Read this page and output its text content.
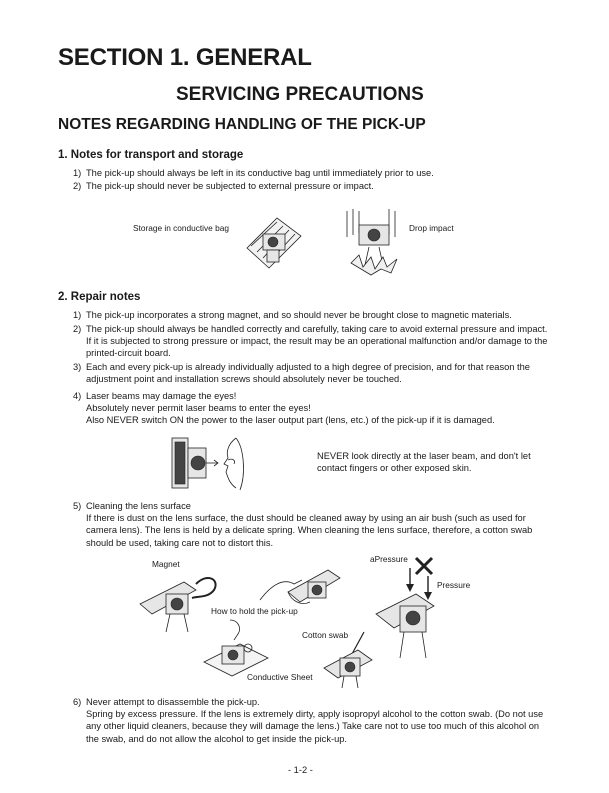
SECTION 1. GENERAL
SERVICING PRECAUTIONS
NOTES REGARDING HANDLING OF THE PICK-UP
1. Notes for transport and storage
1) The pick-up should always be left in its conductive bag until immediately prior to use.
2) The pick-up should never be subjected to external pressure or impact.
Storage in conductive bag	Drop impact
2. Repair notes
1) The pick-up incorporates a strong magnet, and so should never be brought close to magnetic materials.
2) The pick-up should always be handled correctly and carefully, taking care to avoid external pressure and impact. If it is subjected to strong pressure or impact, the result may be an operational malfunction and/or damage to the printed-circuit board.
3) Each and every pick-up is already individually adjusted to a high degree of precision, and for that reason the adjustment point and installation screws should absolutely never be touched.
4) Laser beams may damage the eyes!
Absolutely never permit laser beams to enter the eyes!
Also NEVER switch ON the power to the laser output part (lens, etc.) of the pick-up if it is damaged.
NEVER look directly at the laser beam, and don't let contact fingers or other exposed skin.
5) Cleaning the lens surface
If there is dust on the lens surface, the dust should be cleaned away by using an air bush (such as used for camera lens). The lens is held by a delicate spring. When cleaning the lens surface, therefore, a cotton swab should be used, taking care not to distort this.
Magnet
How to hold the pick-up
aPressure
Pressure
Cotton swab
Conductive Sheet
6) Never attempt to disassemble the pick-up.
Spring by excess pressure. If the lens is extremely dirty, apply isopropyl alcohol to the cotton swab. (Do not use any other liquid cleaners, because they will damage the lens.) Take care not to use too much of this alcohol on the swab, and do not allow the alcohol to get inside the pick-up.
- 1-2 -
